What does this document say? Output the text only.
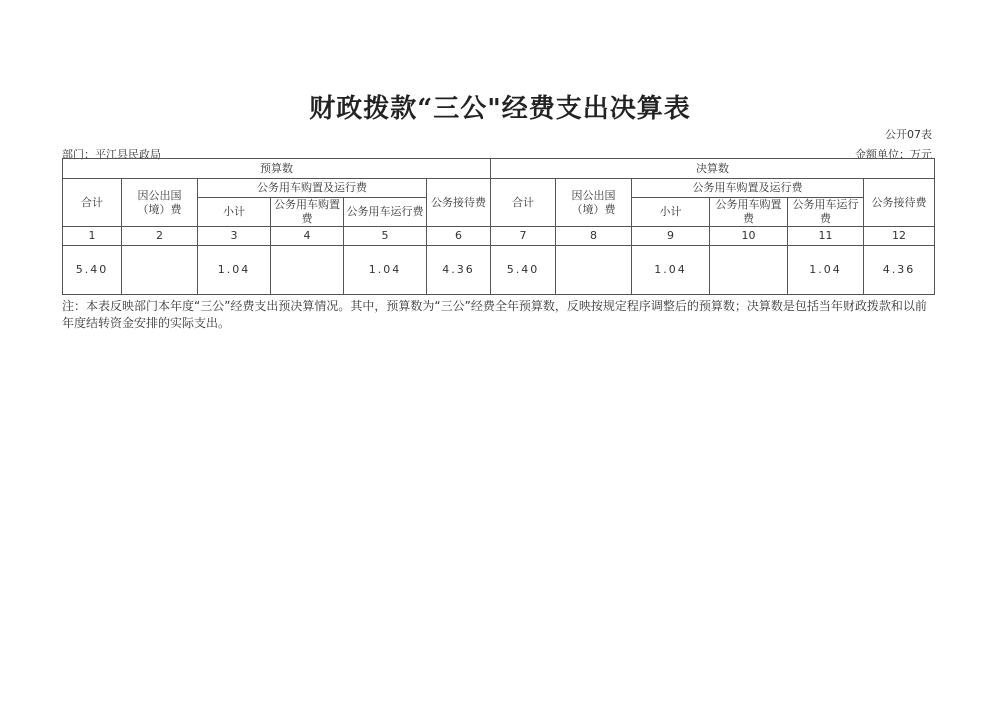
财政拨款“三公"经费支出决算表
公开07表
部门：平江县民政局	金额单位：万元
预算数						决算数					
合计	因公出国（境）费	公务用车购置及运行费			公务接待费	合计	因公出国（境）费	公务用车购置及运行费			公务接待费
		小计	公务用车购置费	公务用车运行费				小计	公务用车购置费	公务用车运行费	
1	2	3	4	5	6	7	8	9	10	11	12
5.40		1.04		1.04	4.36	5.40		1.04		1.04	4.36
注：本表反映部门本年度“三公”经费支出预决算情况。其中，预算数为“三公”经费全年预算数，反映按规定程序调整后的预算数；决算数是包括当年财政拨款和以前年度结转资金安排的实际支出。
